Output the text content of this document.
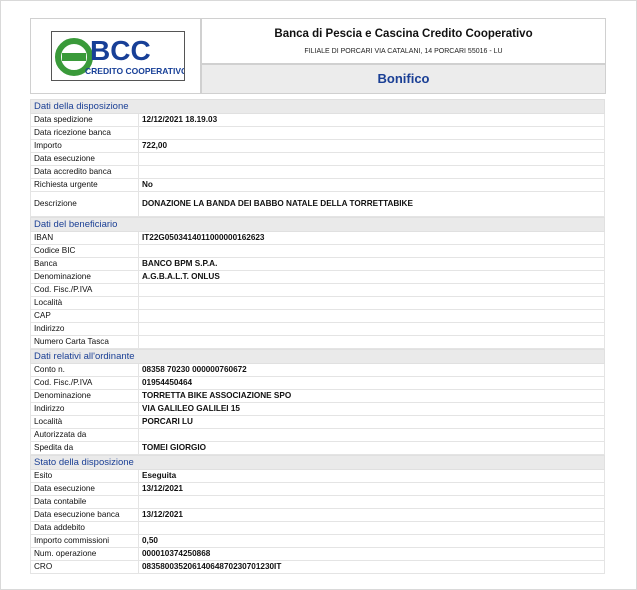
BCC
CREDITO COOPERATIVO
Banca di Pescia e Cascina Credito Cooperativo
FILIALE DI PORCARI VIA CATALANI, 14 PORCARI 55016 - LU
Bonifico
Dati della disposizione
Data spedizione	12/12/2021 18.19.03
Data ricezione banca
Importo	722,00
Data esecuzione
Data accredito banca
Richiesta urgente	No
Descrizione	DONAZIONE LA BANDA DEI BABBO NATALE DELLA TORRETTABIKE
Dati del beneficiario
IBAN	IT22G0503414011000000162623
Codice BIC
Banca	BANCO BPM S.P.A.
Denominazione	A.G.B.A.L.T. ONLUS
Cod. Fisc./P.IVA
Località
CAP
Indirizzo
Numero Carta Tasca
Dati relativi all'ordinante
Conto n.	08358 70230 000000760672
Cod. Fisc./P.IVA	01954450464
Denominazione	TORRETTA BIKE ASSOCIAZIONE SPO
Indirizzo	VIA GALILEO GALILEI 15
Località	PORCARI LU
Autorizzata da
Spedita da	TOMEI GIORGIO
Stato della disposizione
Esito	Eseguita
Data esecuzione	13/12/2021
Data contabile
Data esecuzione banca	13/12/2021
Data addebito
Importo commissioni	0,50
Num. operazione	000010374250868
CRO	08358003520614064870230701230IT
